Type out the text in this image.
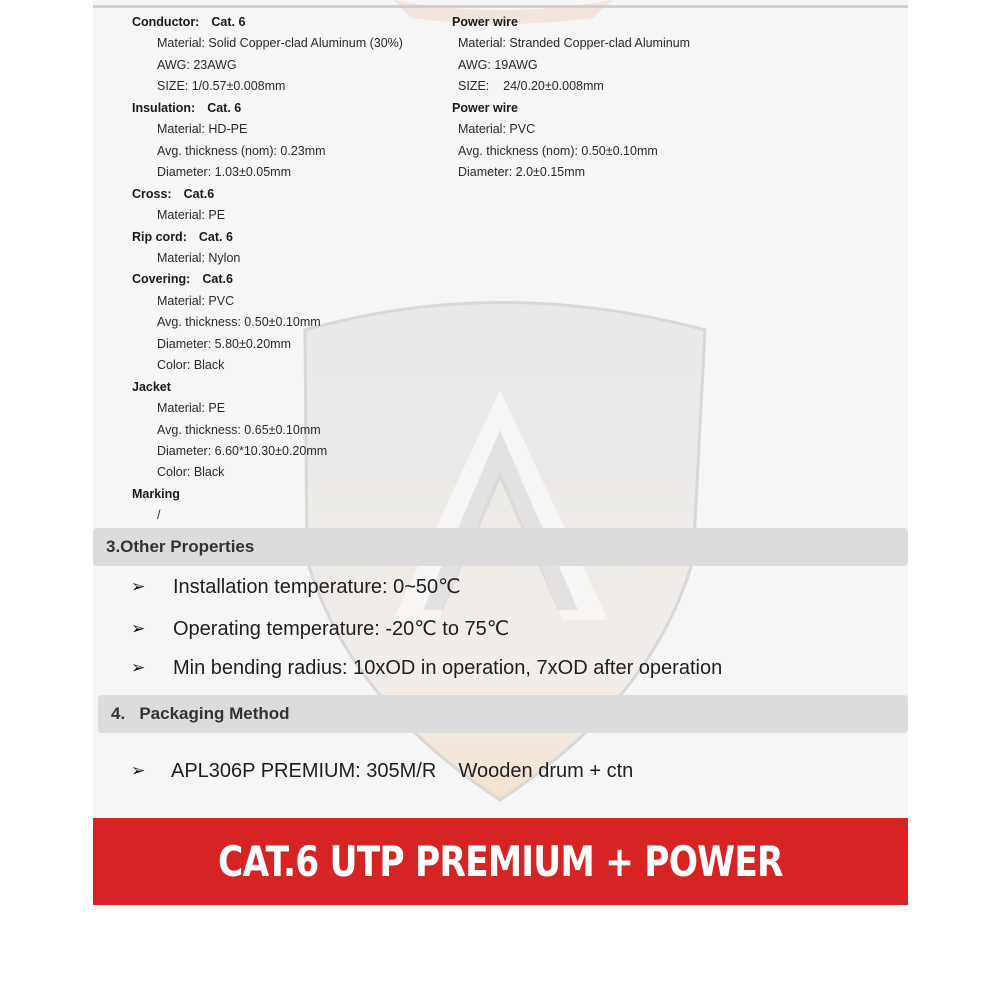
Conductor: Cat. 6
Material: Solid Copper-clad Aluminum (30%)
AWG: 23AWG
SIZE: 1/0.57±0.008mm
Insulation: Cat. 6
Material: HD-PE
Avg. thickness (nom): 0.23mm
Diameter: 1.03±0.05mm
Cross: Cat.6
Material: PE
Rip cord: Cat. 6
Material: Nylon
Covering: Cat.6
Material: PVC
Avg. thickness: 0.50±0.10mm
Diameter: 5.80±0.20mm
Color: Black
Jacket
Material: PE
Avg. thickness: 0.65±0.10mm
Diameter: 6.60*10.30±0.20mm
Color: Black
Marking
/
Power wire
Material: Stranded Copper-clad Aluminum
AWG: 19AWG
SIZE:    24/0.20±0.008mm
Power wire
Material: PVC
Avg. thickness (nom): 0.50±0.10mm
Diameter: 2.0±0.15mm
3.Other Properties
➢ Installation temperature: 0~50℃
➢ Operating temperature: -20℃ to 75℃
➢ Min bending radius: 10xOD in operation, 7xOD after operation
4.   Packaging Method
➢ APL306P PREMIUM: 305M/R    Wooden drum + ctn
CAT.6 UTP PREMIUM + POWER
